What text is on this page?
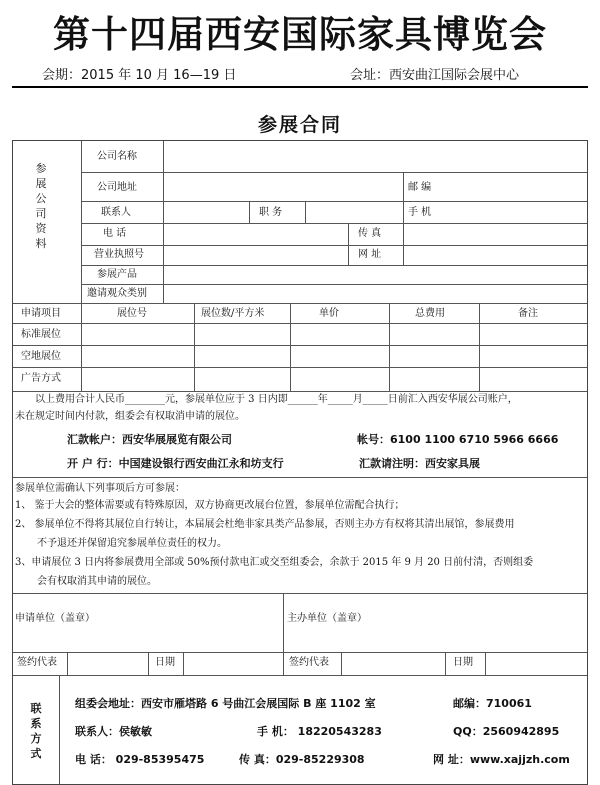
第十四届西安国际家具博览会
会期：2015 年 10 月 16—19 日	会址：西安曲江国际会展中心
参展合同
参展公司资料
公司名称
公司地址	邮 编
联系人	职 务	手 机
电 话	传 真
营业执照号	网 址
参展产品
邀请观众类别
申请项目	展位号	展位数/平方米	单价	总费用	备注
标准展位
空地展位
广告方式
以上费用合计人民币________元，参展单位应于 3 日内即______年_____月_____日前汇入西安华展公司账户，
未在规定时间内付款，组委会有权取消申请的展位。
汇款帐户：西安华展展览有限公司	帐号：6100 1100 6710 5966 6666
开 户 行：中国建设银行西安曲江永和坊支行	汇款请注明：西安家具展
参展单位需确认下列事项后方可参展：
1、 鉴于大会的整体需要或有特殊原因，双方协商更改展台位置，参展单位需配合执行；
2、 参展单位不得将其展位自行转让，本届展会杜绝非家具类产品参展，否则主办方有权将其清出展馆，参展费用
不予退还并保留追究参展单位责任的权力。
3、申请展位 3 日内将参展费用全部或 50%预付款电汇或交至组委会，余款于 2015 年 9 月 20 日前付清，否则组委
会有权取消其申请的展位。
申请单位（盖章）	主办单位（盖章）
签约代表	日期	签约代表	日期
联系方式
组委会地址：西安市雁塔路 6 号曲江会展国际 B 座 1102 室	邮编：710061
联系人：侯敏敏	手 机： 18220543283	QQ：2560942895
电 话： 029-85395475	传 真：029-85229308	网 址：www.xajjzh.com
